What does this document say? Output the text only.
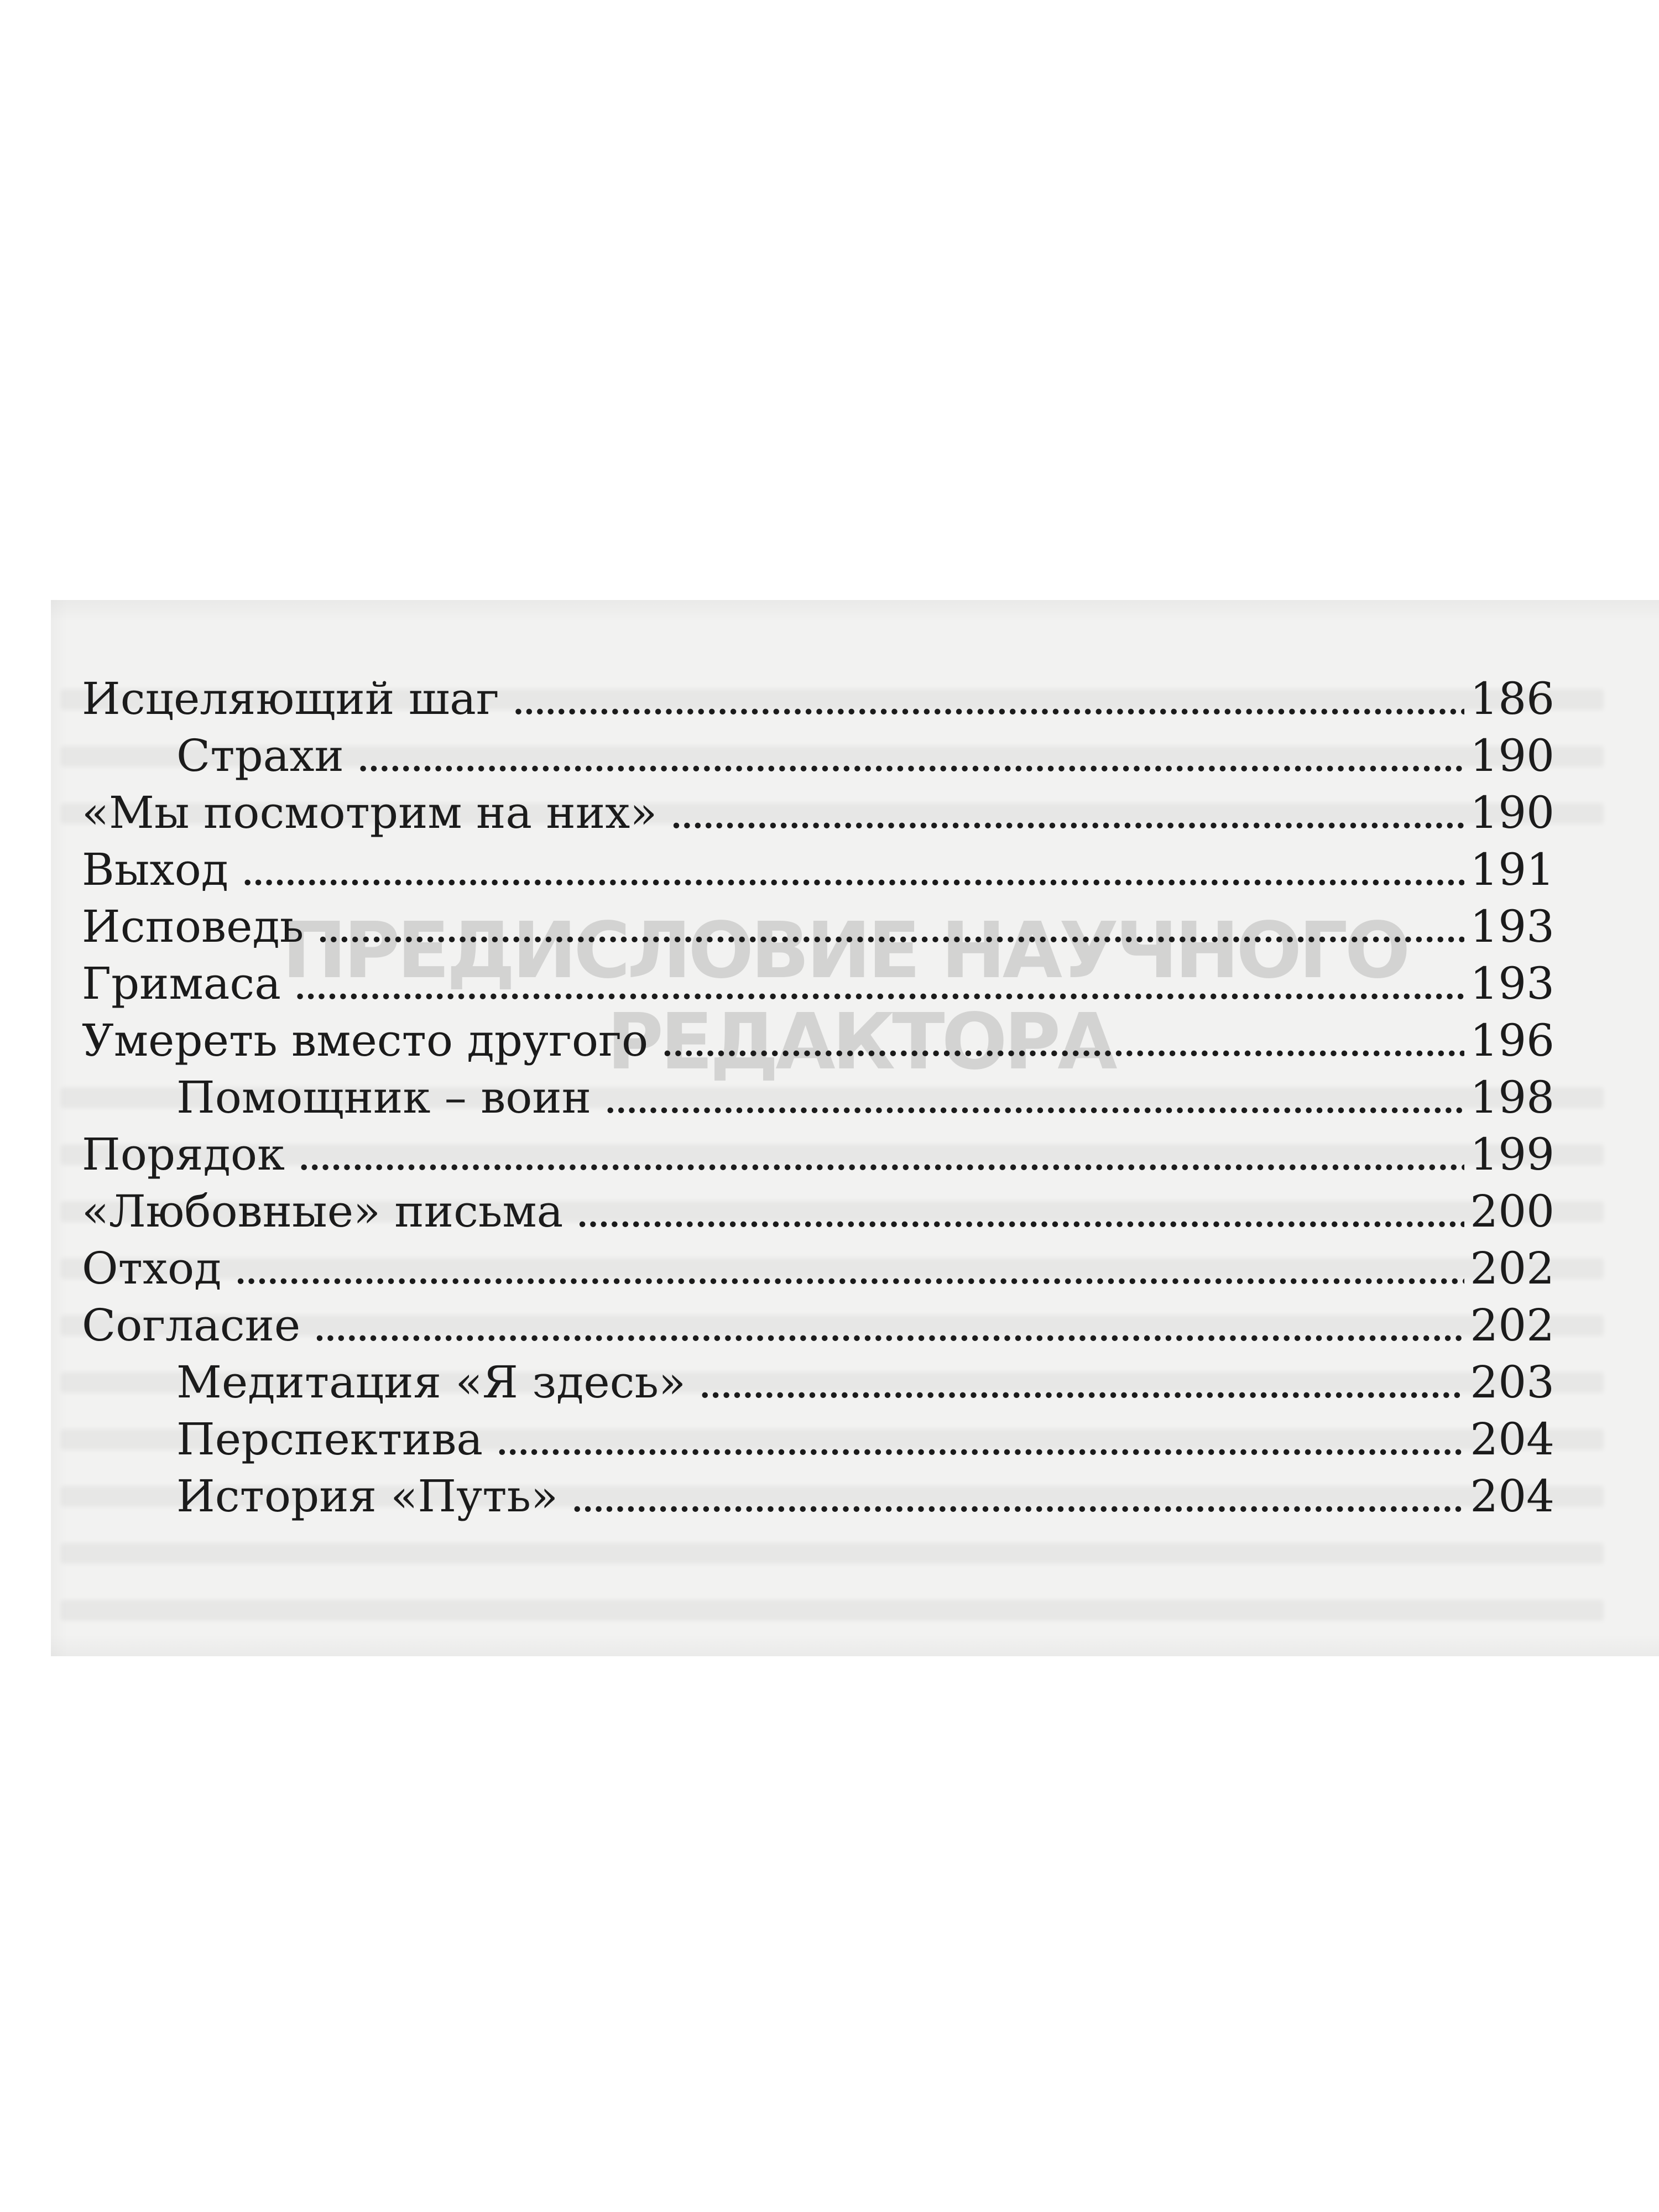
ПРЕДИСЛОВИЕ НАУЧНОГО
РЕДАКТОРА
Исцеляющий шаг .....	186
Страхи .....	190
«Мы посмотрим на них» .....	190
Выход .....	191
Исповедь .....	193
Гримаса .....	193
Умереть вместо другого .....	196
Помощник – воин .....	198
Порядок .....	199
«Любовные» письма .....	200
Отход .....	202
Согласие .....	202
Медитация «Я здесь» .....	203
Перспектива .....	204
История «Путь» .....	204
